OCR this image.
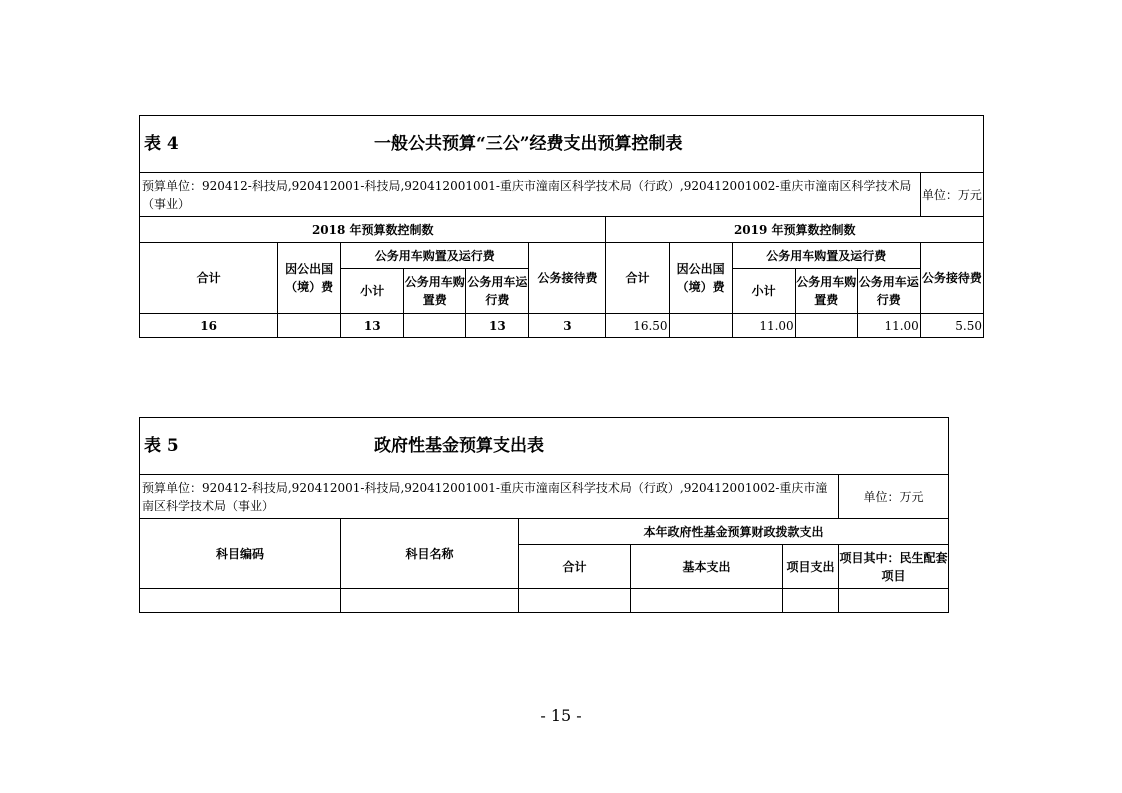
表 4 一般公共预算“三公”经费支出预算控制表											

预算单位：920412-科技局,920412001-科技局,920412001001-重庆市潼南区科学技术局（行政）,920412001002-重庆市潼南区科学技术局（事业）											单位：万元
2018 年预算数控制数						2019 年预算数控制数					
合计	因公出国（境）费	公务用车购置及运行费			公务接待费	合计	因公出国（境）费	公务用车购置及运行费			公务接待费
		小计	公务用车购置费	公务用车运行费				小计	公务用车购置费	公务用车运行费	
16		13		13	3	16.50		11.00		11.00	5.50
表 5 政府性基金预算支出表					

预算单位：920412-科技局,920412001-科技局,920412001001-重庆市潼南区科学技术局（行政）,920412001002-重庆市潼南区科学技术局（事业）					单位：万元
科目编码	科目名称	本年政府性基金预算财政拨款支出			
		合计	基本支出	项目支出	项目其中：民生配套项目

- 15 -
